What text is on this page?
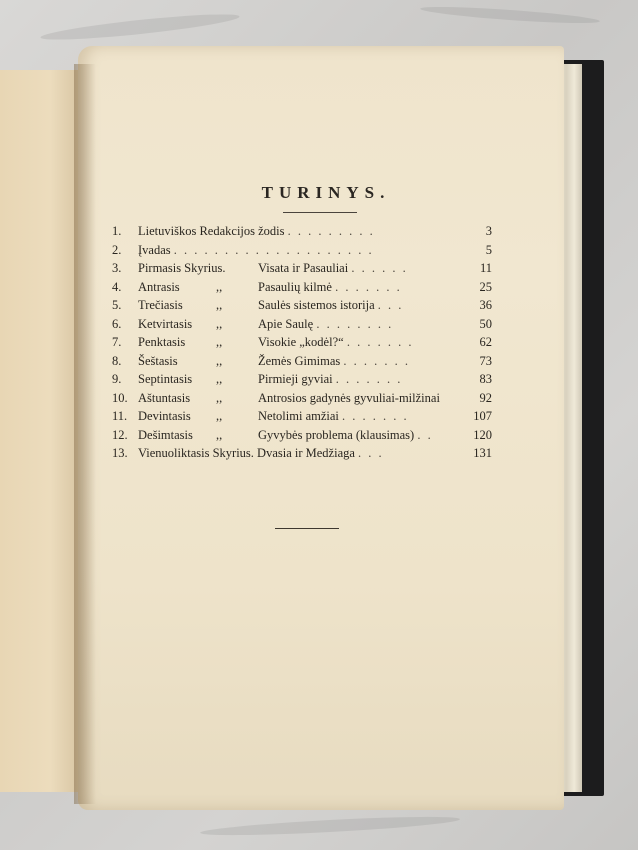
TURINYS.
1. Lietuviškos Redakcijos žodis . . . . . . . . .	3
2. Įvadas . . . . . . . . . . . . . . . . . . . .	5
3. Pirmasis Skyrius.	Visata ir Pasauliai . . . . . .	11
4. Antrasis	,,	Pasaulių kilmė . . . . . . .	25
5. Trečiasis	,,	Saulės sistemos istorija . . .	36
6. Ketvirtasis ,,	Apie Saulę . . . . . . . .	50
7. Penktasis ,,	Visokie „kodėl?“ . . . . . . .	62
8. Šeštasis	,,	Žemės Gimimas . . . . . . .	73
9. Septintasis ,,	Pirmieji gyviai . . . . . . .	83
10. Aštuntasis ,,	Antrosios gadynės gyvuliai-milžinai	92
11. Devintasis ,,	Netolimi amžiai . . . . . . .	107
12. Dešimtasis ,,	Gyvybės problema (klausimas) . .	120
13. Vienuoliktasis Skyrius. Dvasia ir Medžiaga . . .	131
